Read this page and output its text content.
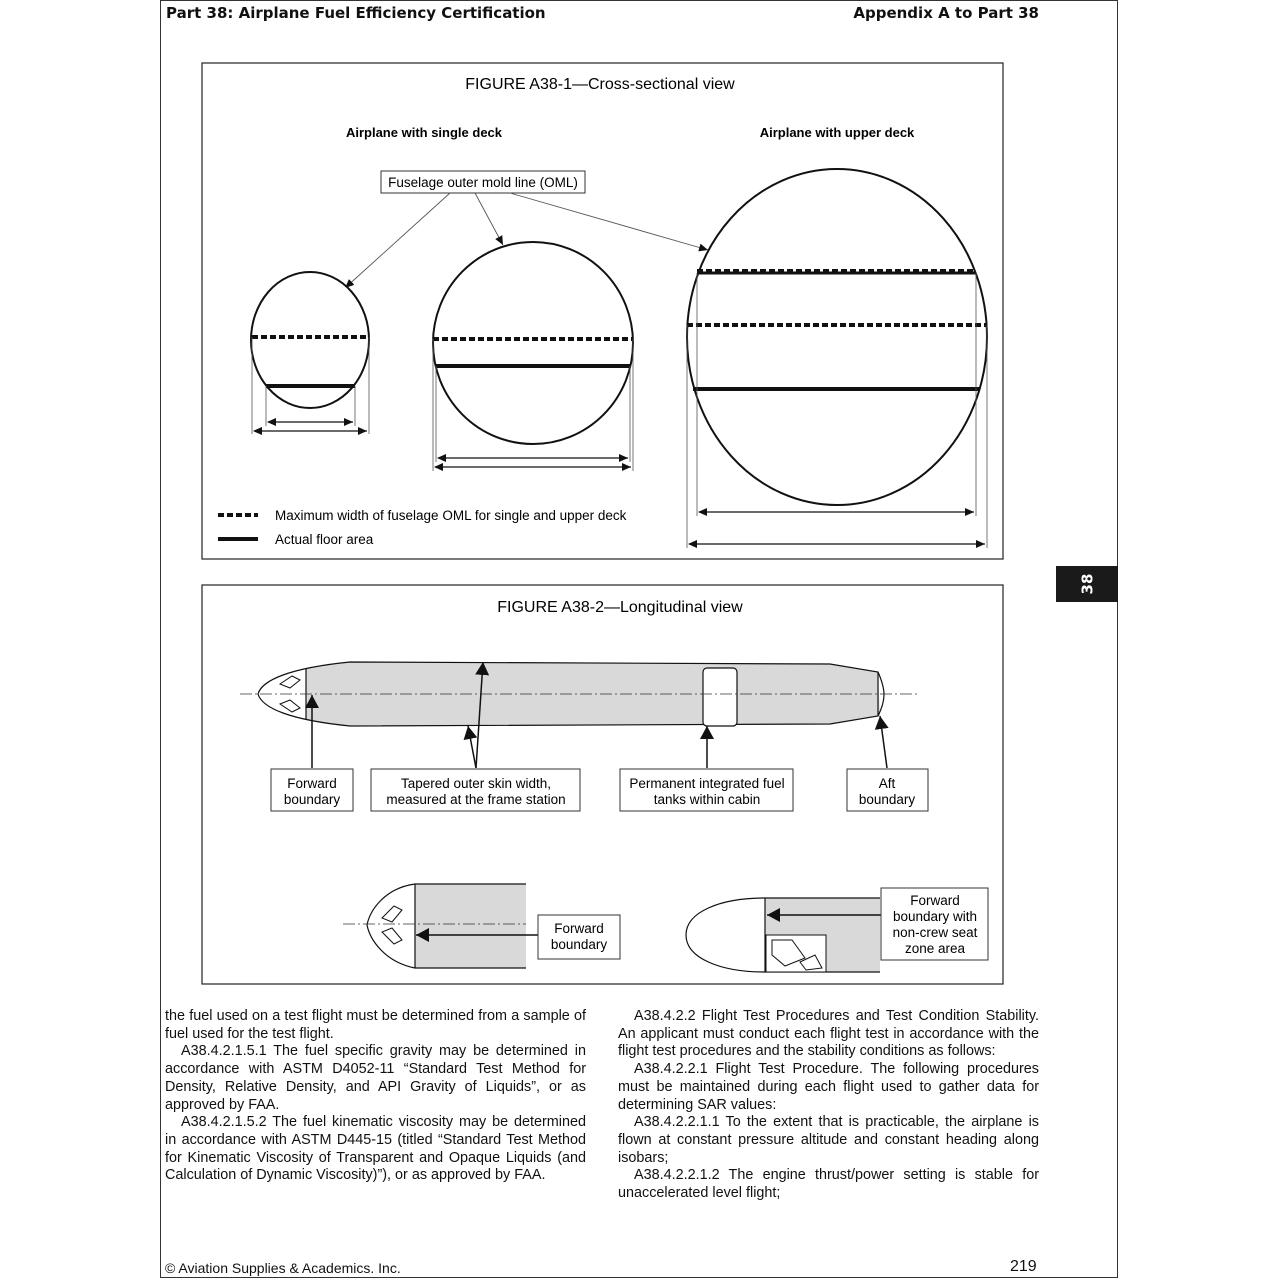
Part 38: Airplane Fuel Efficiency Certification	Appendix A to Part 38
38
FIGURE A38-1—Cross-sectional view
Airplane with single deck	Airplane with upper deck
Fuselage outer mold line (OML)
Maximum width of fuselage OML for single and upper deck
Actual floor area
FIGURE A38-2—Longitudinal view
Forward
boundary
Tapered outer skin width,
measured at the frame station
Permanent integrated fuel
tanks within cabin
Aft
boundary
Forward
boundary
Forward
boundary with
non-crew seat
zone area

the fuel used on a test flight must be determined from a sample of fuel used for the test flight.

A38.4.2.1.5.1 The fuel specific gravity may be determined in accordance with ASTM D4052-11 “Standard Test Method for Density, Relative Density, and API Gravity of Liquids”, or as approved by FAA.

A38.4.2.1.5.2 The fuel kinematic viscosity may be determined in accordance with ASTM D445-15 (titled “Standard Test Method for Kinematic Viscosity of Transparent and Opaque Liquids (and Calculation of Dynamic Viscosity)”), or as approved by FAA.

A38.4.2.2 Flight Test Procedures and Test Condition Stability. An applicant must conduct each flight test in accordance with the flight test procedures and the stability conditions as follows:

A38.4.2.2.1 Flight Test Procedure. The following procedures must be maintained during each flight used to gather data for determining SAR values:

A38.4.2.2.1.1 To the extent that is practicable, the airplane is flown at constant pressure altitude and constant heading along isobars;

A38.4.2.2.1.2 The engine thrust/power setting is stable for unaccelerated level flight;

© Aviation Supplies & Academics. Inc.	219
